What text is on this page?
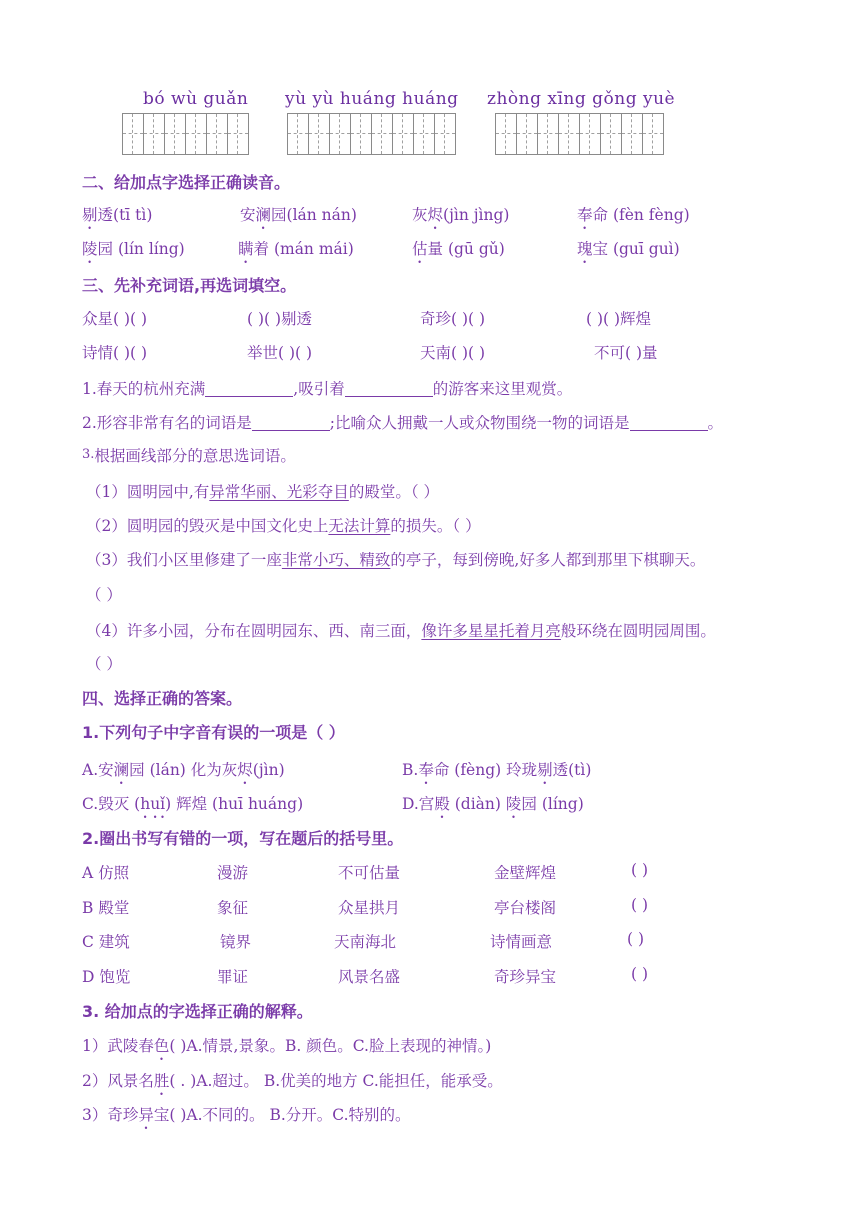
bó wù guǎn yù yù huáng huáng zhòng xīng gǒng yuè
二、给加点字选择正确读音。
剔透(tī tì)	安澜园(lán nán)	灰烬(jìn jìng)	奉命 (fèn fèng)
陵园 (lín líng)	瞒着 (mán mái)	估量 (gū gǔ)	瑰宝 (guī guì)
三、先补充词语,再选词填空。
众星( )( )	( )( )剔透	奇珍( )( )	( )( )辉煌
诗情( )( )	举世( )( )	天南( )( )	不可( )量
1.春天的杭州充满	,吸引着	的游客来这里观赏。
2.形容非常有名的词语是	;比喻众人拥戴一人或众物围绕一物的词语是	。
3.根据画线部分的意思选词语。
（1）圆明园中,有异常华丽、光彩夺目的殿堂。（ ）
（2）圆明园的毁灭是中国文化史上无法计算的损失。（ ）
（3）我们小区里修建了一座非常小巧、精致的亭子，每到傍晚,好多人都到那里下棋聊天。
（ ）
（4）许多小园，分布在圆明园东、西、南三面，像许多星星托着月亮般环绕在圆明园周围。
（ ）
四、选择正确的答案。
1.下列句子中字音有误的一项是（ ）
A.安澜园 (lán) 化为灰烬(jìn)	B.奉命 (fèng) 玲珑剔透(tì)
C.毁灭 (huǐ) 辉煌 (huī huáng)	D.宫殿 (diàn) 陵园 (líng)
2.圈出书写有错的一项，写在题后的括号里。
A 仿照	漫游	不可估量	金壁辉煌	( )
B 殿堂	象征	众星拱月	亭台楼阁	( )
C 建筑	镜界	天南海北	诗情画意	( )
D 饱览	罪证	风景名盛	奇珍异宝	( )
3. 给加点的字选择正确的解释。
1）武陵春色( )A.情景,景象。B. 颜色。C.脸上表现的神情。)
2）风景名胜( . )A.超过。 B.优美的地方 C.能担任，能承受。
3）奇珍异宝( )A.不同的。 B.分开。C.特别的。
